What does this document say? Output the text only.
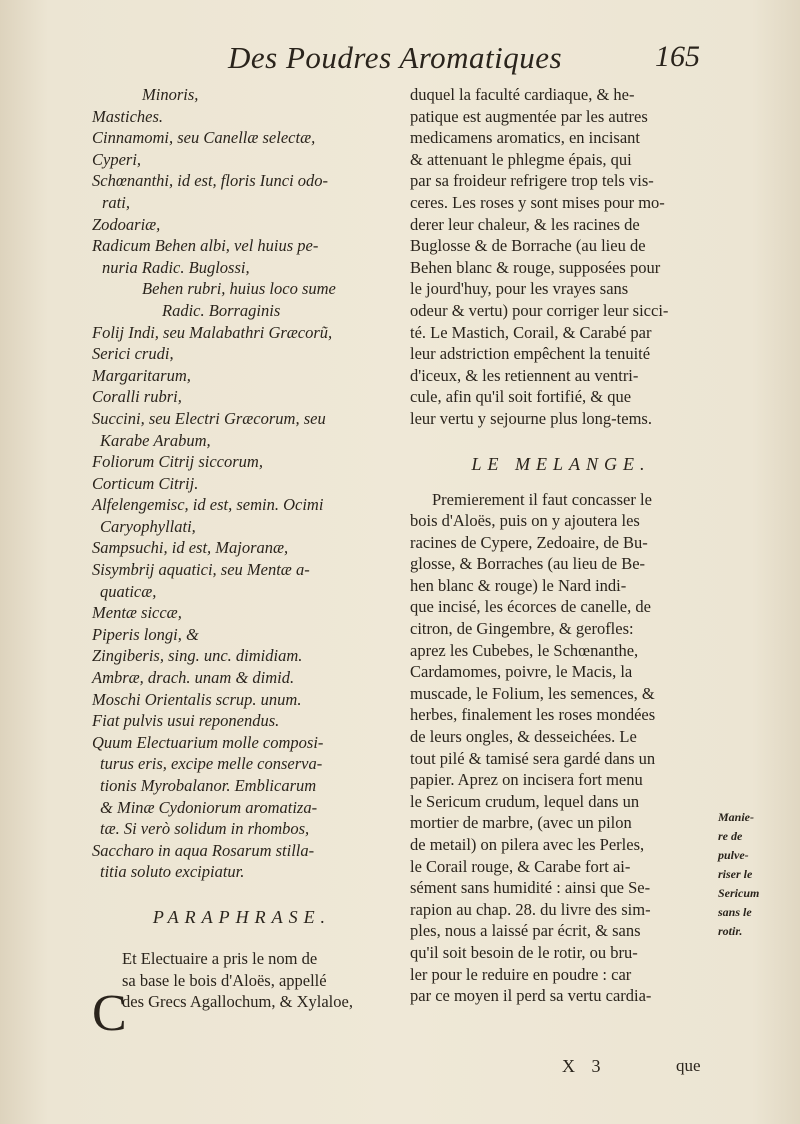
Des Poudres Aromatiques	165
Minoris,
Mastiches.
Cinnamomi, seu Canellæ selectæ,
Cyperi,
Schœnanthi, id est, floris Iunci odo-
rati,
Zodoariæ,
Radicum Behen albi, vel huius pe-
nuria Radic. Buglossi,
Behen rubri, huius loco sume
Radic. Borraginis
Folij Indi, seu Malabathri Græcorũ,
Serici crudi,
Margaritarum,
Coralli rubri,
Succini, seu Electri Græcorum, seu
Karabe Arabum,
Foliorum Citrij siccorum,
Corticum Citrij.
Alfelengemisc, id est, semin. Ocimi
Caryophyllati,
Sampsuchi, id est, Majoranæ,
Sisymbrij aquatici, seu Mentæ a-
quaticæ,
Mentæ siccæ,
Piperis longi, &
Zingiberis, sing. unc. dimidiam.
Ambræ, drach. unam & dimid.
Moschi Orientalis scrup. unum.
Fiat pulvis usui reponendus.
Quum Electuarium molle composi-
turus eris, excipe melle conserva-
tionis Myrobalanor. Emblicarum
& Minæ Cydoniorum aromatiza-
tæ. Si verò solidum in rhombos,
Saccharo in aqua Rosarum stilla-
titia soluto excipiatur.
PARAPHRASE.
Et Electuaire a pris le nom de
sa base le bois d'Aloës, appellé
des Grecs Agallochum, & Xylaloe,
C
duquel la faculté cardiaque, & he-
patique est augmentée par les autres
medicamens aromatics, en incisant
& attenuant le phlegme épais, qui
par sa froideur refrigere trop tels vis-
ceres. Les roses y sont mises pour mo-
derer leur chaleur, & les racines de
Buglosse & de Borrache (au lieu de
Behen blanc & rouge, supposées pour
le jourd'huy, pour les vrayes sans
odeur & vertu) pour corriger leur sicci-
té. Le Mastich, Corail, & Carabé par
leur adstriction empêchent la tenuité
d'iceux, & les retiennent au ventri-
cule, afin qu'il soit fortifié, & que
leur vertu y sejourne plus long-tems.
LE MELANGE.
Premierement il faut concasser le
bois d'Aloës, puis on y ajoutera les
racines de Cypere, Zedoaire, de Bu-
glosse, & Borraches (au lieu de Be-
hen blanc & rouge) le Nard indi-
que incisé, les écorces de canelle, de
citron, de Gingembre, & gerofles:
aprez les Cubebes, le Schœnanthe,
Cardamomes, poivre, le Macis, la
muscade, le Folium, les semences, &
herbes, finalement les roses mondées
de leurs ongles, & desseichées. Le
tout pilé & tamisé sera gardé dans un
papier. Aprez on incisera fort menu
le Sericum crudum, lequel dans un
mortier de marbre, (avec un pilon
de metail) on pilera avec les Perles,
le Corail rouge, & Carabe fort ai-
sément sans humidité : ainsi que Se-
rapion au chap. 28. du livre des sim-
ples, nous a laissé par écrit, & sans
qu'il soit besoin de le rotir, ou bru-
ler pour le reduire en poudre : car
par ce moyen il perd sa vertu cardia-
Manie-
re de
pulve-
riser le
Sericum
sans le
rotir.
X 3	que
